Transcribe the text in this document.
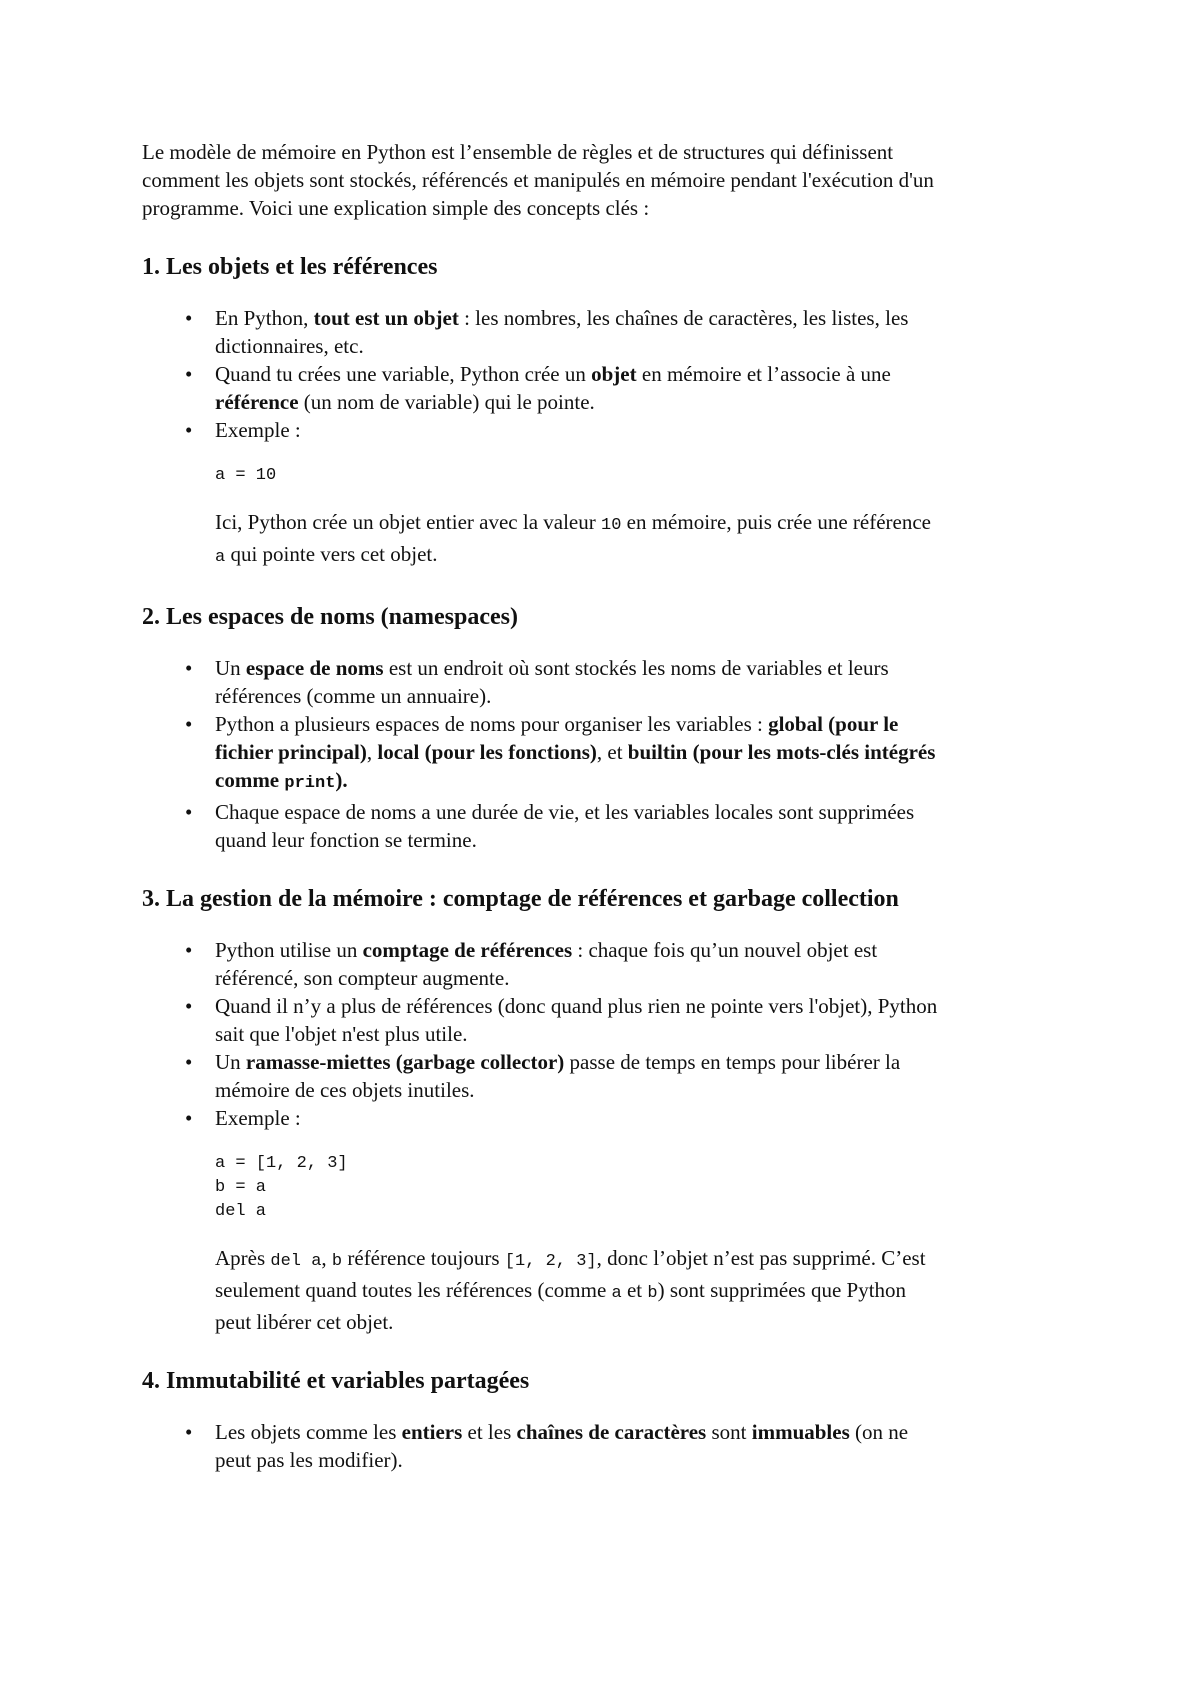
Le modèle de mémoire en Python est l’ensemble de règles et de structures qui définissent
comment les objets sont stockés, référencés et manipulés en mémoire pendant l'exécution d'un
programme. Voici une explication simple des concepts clés :

1. Les objets et les références
• En Python, tout est un objet : les nombres, les chaînes de caractères, les listes, les
dictionnaires, etc.
• Quand tu crées une variable, Python crée un objet en mémoire et l’associe à une
référence (un nom de variable) qui le pointe.
• Exemple :
a = 10

Ici, Python crée un objet entier avec la valeur 10 en mémoire, puis crée une référence
a qui pointe vers cet objet.

2. Les espaces de noms (namespaces)
• Un espace de noms est un endroit où sont stockés les noms de variables et leurs
références (comme un annuaire).
• Python a plusieurs espaces de noms pour organiser les variables : global (pour le
fichier principal), local (pour les fonctions), et builtin (pour les mots-clés intégrés
comme print).
• Chaque espace de noms a une durée de vie, et les variables locales sont supprimées
quand leur fonction se termine.
3. La gestion de la mémoire : comptage de références et garbage collection
• Python utilise un comptage de références : chaque fois qu’un nouvel objet est
référencé, son compteur augmente.
• Quand il n’y a plus de références (donc quand plus rien ne pointe vers l'objet), Python
sait que l'objet n'est plus utile.
• Un ramasse-miettes (garbage collector) passe de temps en temps pour libérer la
mémoire de ces objets inutiles.
• Exemple :
a = [1, 2, 3]
b = a
del a

Après del a, b référence toujours [1, 2, 3], donc l’objet n’est pas supprimé. C’est
seulement quand toutes les références (comme a et b) sont supprimées que Python
peut libérer cet objet.

4. Immutabilité et variables partagées
• Les objets comme les entiers et les chaînes de caractères sont immuables (on ne
peut pas les modifier).
